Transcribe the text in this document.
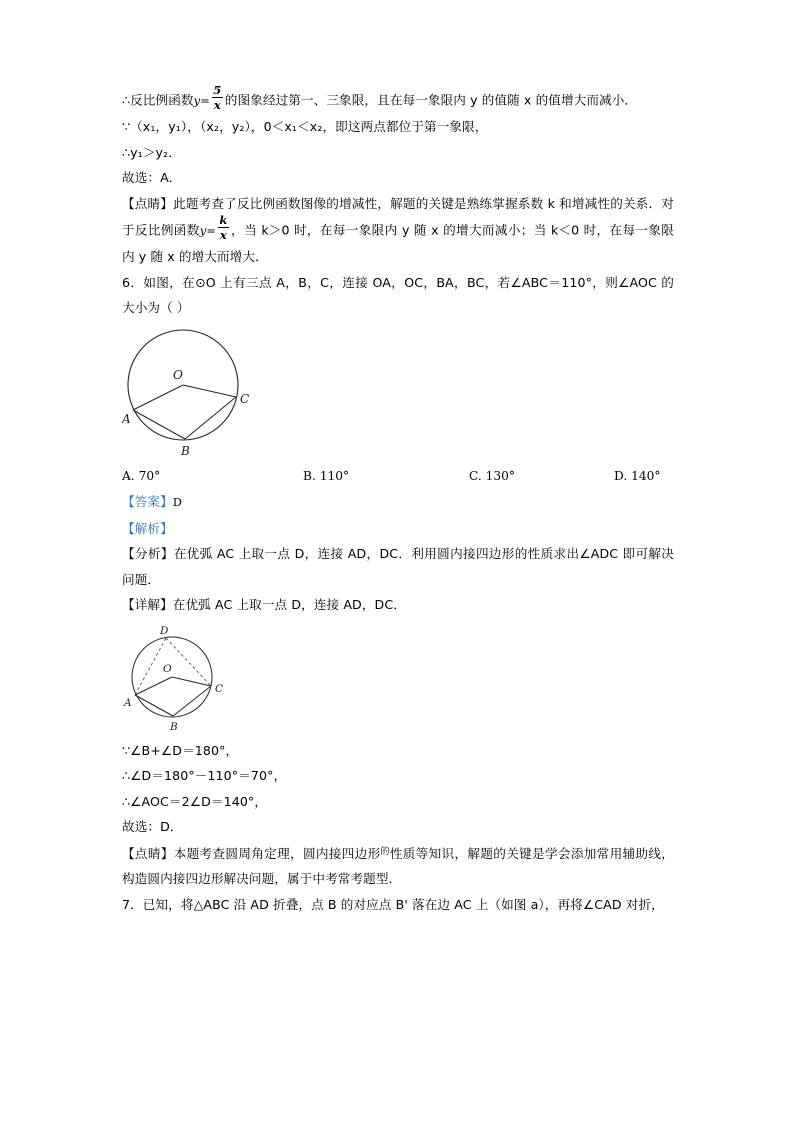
∴反比例函数$y= \frac{5}{x}$ 的图象经过第一、三象限，且在每一象限内 y 的值随 x 的值增大而减小．
∵（x₁，y₁），（x₂，y₂），0＜x₁＜x₂，即这两点都位于第一象限，
∴y₁＞y₂．
故选：A．
【点睛】此题考查了反比例函数图像的增减性，解题的关键是熟练掌握系数 k 和增减性的关系．对于反比例函数$y= \frac{k}{x}$ ，当 k＞0 时，在每一象限内 y 随 x 的增大而减小；当 k＜0 时，在每一象限内 y 随 x 的增大而增大．
6．如图，在⊙O 上有三点 A，B，C，连接 OA，OC，BA，BC，若∠ABC＝110°，则∠AOC 的大小为（ ）
O
A
B
C
A. 70°	B. 110°	C. 130°	D. 140°
【答案】D
【解析】
【分析】在优弧 AC 上取一点 D，连接 AD，DC．利用圆内接四边形的性质求出∠ADC 即可解决问题．
【详解】在优弧 AC 上取一点 D，连接 AD，DC．
D
O
A
B
C
∵∠B+∠D＝180°，
∴∠D＝180°－110°＝70°，
∴∠AOC＝2∠D＝140°，
故选：D．
【点睛】本题考查圆周角定理，圆内接四边形$^的$性质等知识，解题的关键是学会添加常用辅助线，构造圆内接四边形解决问题，属于中考常考题型．
7．已知，将△ABC 沿 AD 折叠，点 B 的对应点 B' 落在边 AC 上（如图 a），再将∠CAD 对折，
